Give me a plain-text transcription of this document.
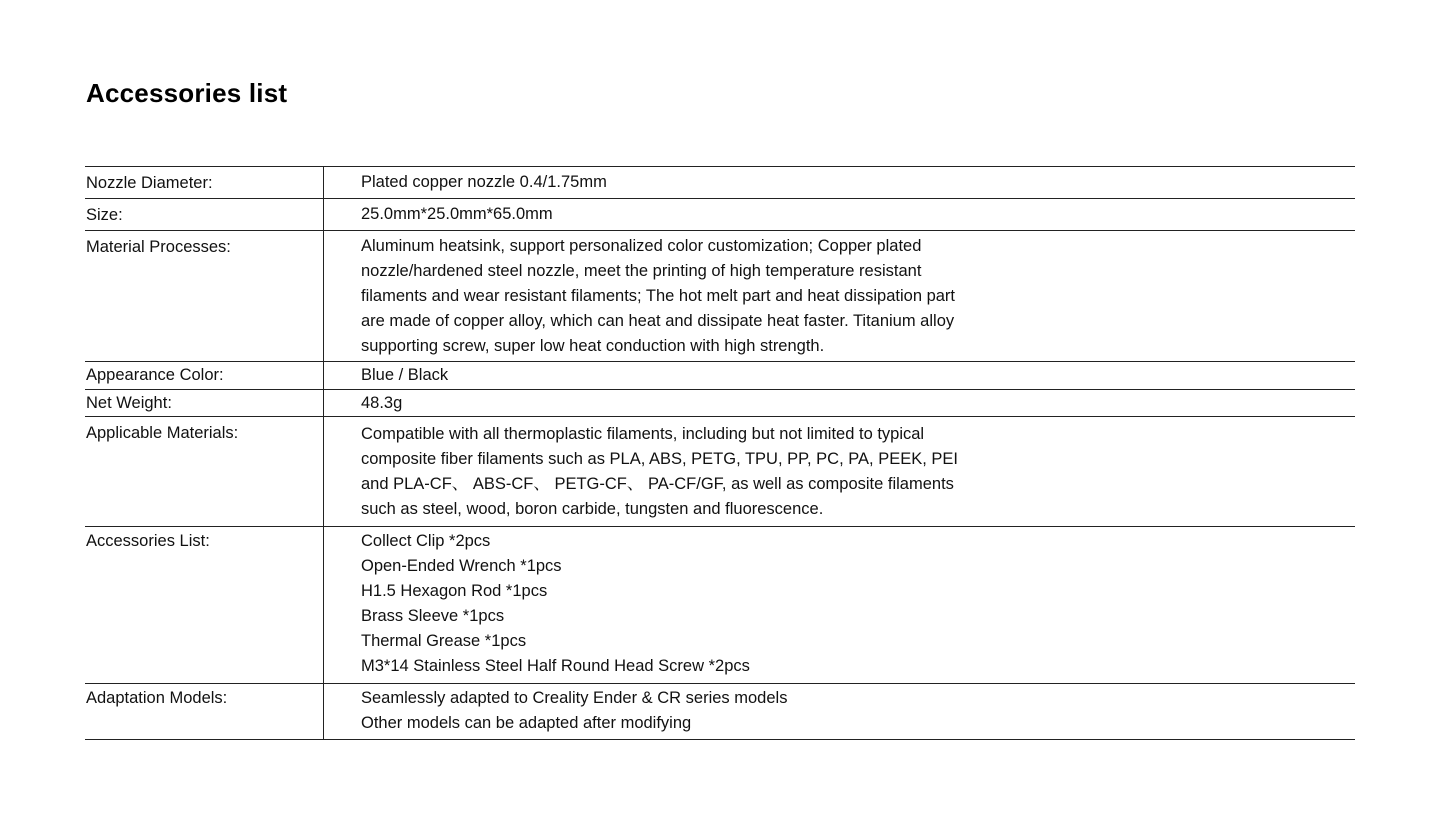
Accessories list
Nozzle Diameter:	Plated copper nozzle 0.4/1.75mm
Size:	25.0mm*25.0mm*65.0mm
Material Processes:	Aluminum heatsink, support personalized color customization; Copper plated
nozzle/hardened steel nozzle, meet the printing of high temperature resistant
filaments and wear resistant filaments; The hot melt part and heat dissipation part
are made of copper alloy, which can heat and dissipate heat faster. Titanium alloy
supporting screw, super low heat conduction with high strength.
Appearance Color:	Blue / Black
Net Weight:	48.3g
Applicable Materials:	Compatible with all thermoplastic filaments, including but not limited to typical
composite fiber filaments such as PLA, ABS, PETG, TPU, PP, PC, PA, PEEK, PEI
and PLA-CF、 ABS-CF、 PETG-CF、 PA-CF/GF, as well as composite filaments
such as steel, wood, boron carbide, tungsten and fluorescence.
Accessories List:	Collect Clip *2pcs
Open-Ended Wrench *1pcs
H1.5 Hexagon Rod *1pcs
Brass Sleeve *1pcs
Thermal Grease *1pcs
M3*14 Stainless Steel Half Round Head Screw *2pcs
Adaptation Models:	Seamlessly adapted to Creality Ender & CR series models
Other models can be adapted after modifying
